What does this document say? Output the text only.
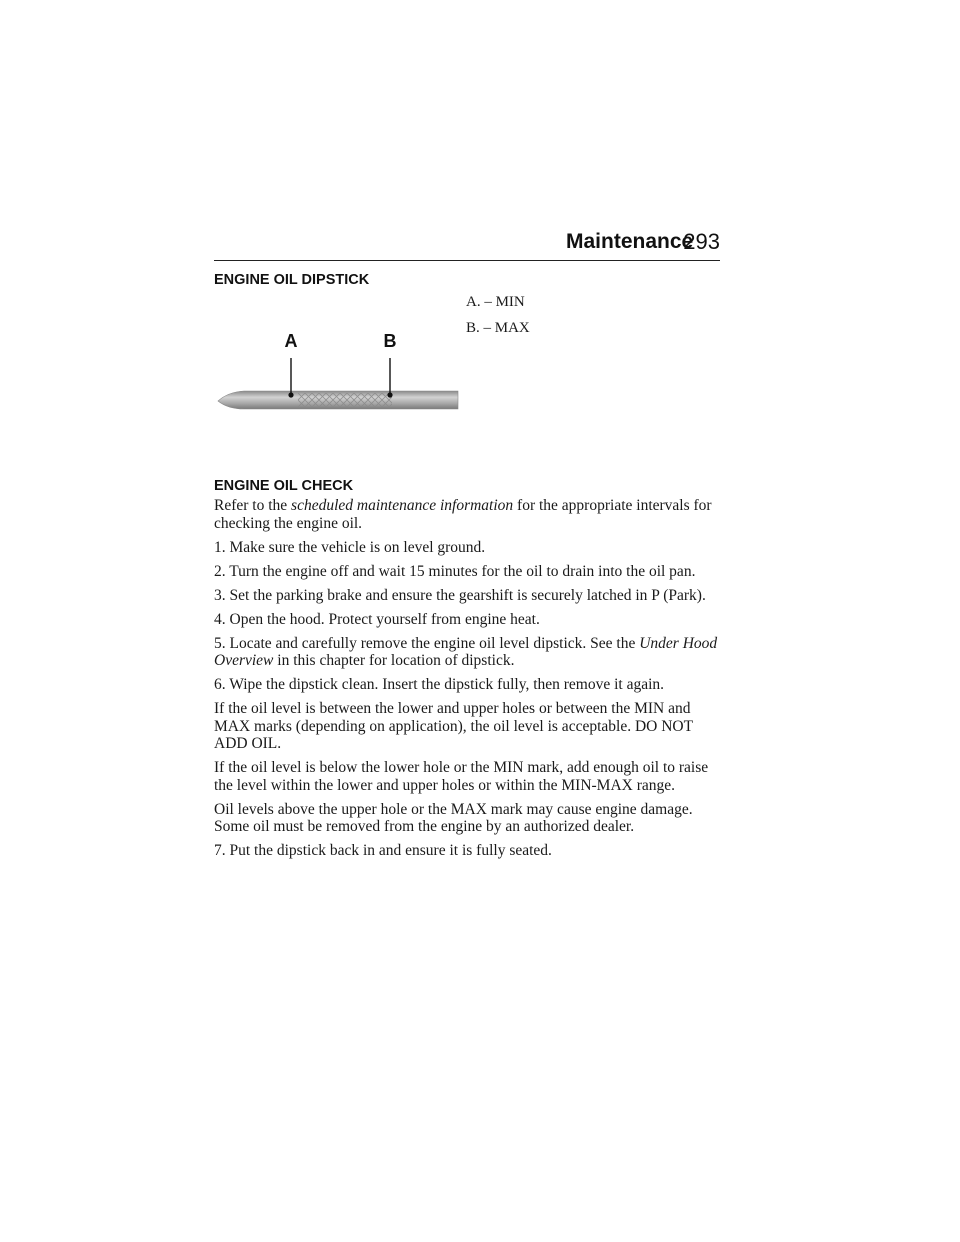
Maintenance
293
ENGINE OIL DIPSTICK
A. – MIN
B. – MAX
A	B
ENGINE OIL CHECK

Refer to the scheduled maintenance information for the appropriate intervals for checking the engine oil.

1. Make sure the vehicle is on level ground.

2. Turn the engine off and wait 15 minutes for the oil to drain into the oil pan.

3. Set the parking brake and ensure the gearshift is securely latched in P (Park).

4. Open the hood. Protect yourself from engine heat.

5. Locate and carefully remove the engine oil level dipstick. See the Under Hood Overview in this chapter for location of dipstick.

6. Wipe the dipstick clean. Insert the dipstick fully, then remove it again.

If the oil level is between the lower and upper holes or between the MIN and MAX marks (depending on application), the oil level is acceptable. DO NOT ADD OIL.

If the oil level is below the lower hole or the MIN mark, add enough oil to raise the level within the lower and upper holes or within the MIN-MAX range.

Oil levels above the upper hole or the MAX mark may cause engine damage. Some oil must be removed from the engine by an authorized dealer.

7. Put the dipstick back in and ensure it is fully seated.
